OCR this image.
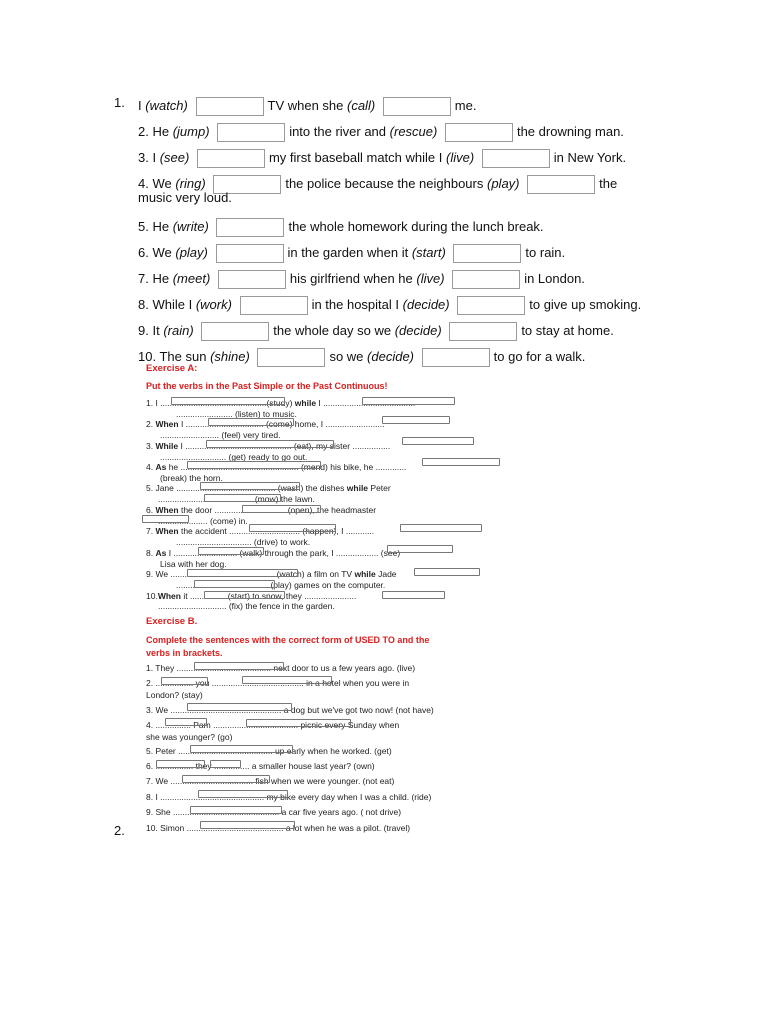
1.
2.
I (watch)	TV when she (call)	me.
2. He (jump)	into the river and (rescue)	the drowning man.
3. I (see)	my first baseball match while I (live)	in New York.
4. We (ring)	the police because the neighbours (play)	the
music very loud.
5. He (write)	the whole homework during the lunch break.
6. We (play)	in the garden when it (start)	to rain.
7. He (meet)	his girlfriend when he (live)	in London.
8. While I (work)	in the hospital I (decide)	to give up smoking.
9. It (rain)	the whole day so we (decide)	to stay at home.
10. The sun (shine)	so we (decide)	to go for a walk.
Exercise A:
Put the verbs in the Past Simple or the Past Continuous!
1. I .............................................(study) while I .......................................
........................ (listen) to music.
2. When I ................................. (come) home, I .........................
......................... (feel) very tired.
3. While I ............................................. (eat), my sister ................
............................ (get) ready to go out.
4. As he .................................................. (mend) his bike, he .............
(break) the horn.
5. Jane .......................................... (wash) the dishes while Peter
........................................ (mow) the lawn.
6. When the door .............................. (open), the headmaster
..................... (come) in.
7. When the accident .............................. (happen), I ............
................................ (drive) to work.
8. As I ........................... (walk) through the park, I .................. (see)
Lisa with her dog.
9. We ............................................ (watch) a film on TV while Jade
....................................... (play) games on the computer.
10.When it ............... (start) to snow, they ......................
............................. (fix) the fence in the garden.
Exercise B.
Complete the sentences with the correct form of USED TO and the
verbs in brackets.
1. They ........................................ next door to us a few years ago. (live)
2. ................ you ....................................... in a hotel when you were in
London? (stay)
3. We ............................................... a dog but we've got two now! (not have)
4. ............... Pam .................................... picnic every Sunday when
she was younger? (go)
5. Peter ........................................ up early when he worked. (get)
6. ................ they ............... a smaller house last year? (own)
7. We ................................... fish when we were younger. (not eat)
8. I ............................................ my bike every day when I was a child. (ride)
9. She ............................................. a car five years ago. ( not drive)
10. Simon ......................................... a lot when he was a pilot. (travel)
